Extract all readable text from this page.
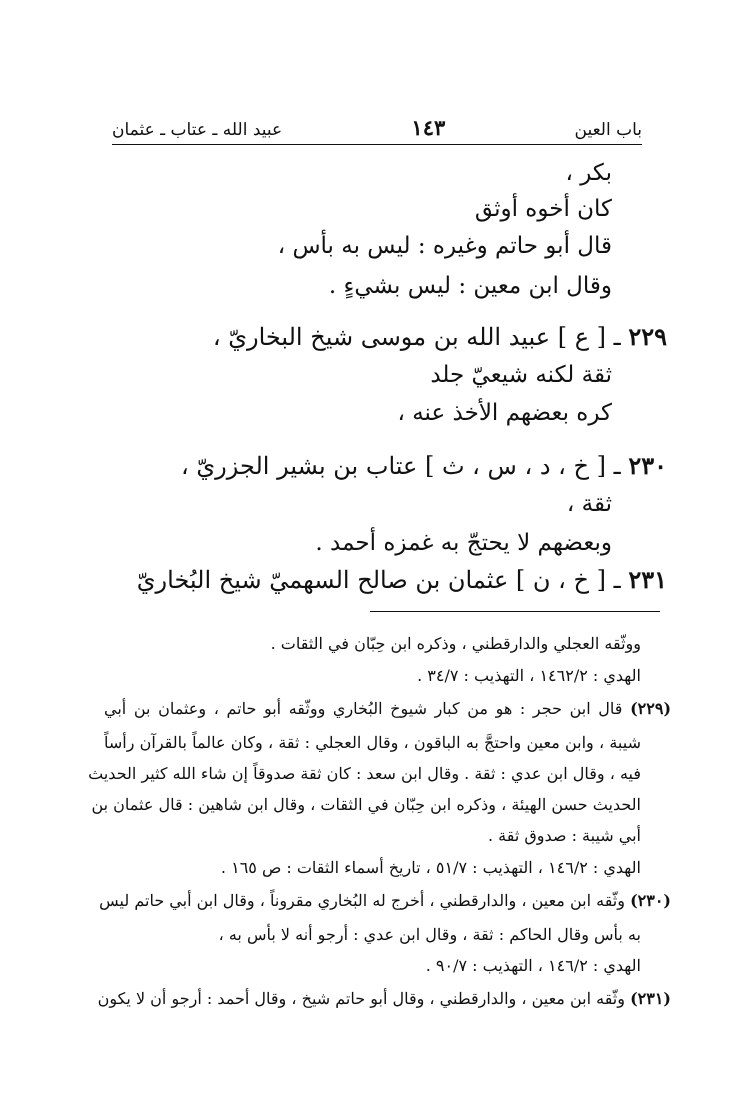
باب العين
١٤٣
عبيد الله ـ عتاب ـ عثمان
بكر ،
كان أخوه أوثق
قال أبو حاتم وغيره : ليس به بأس ،
وقال ابن معين : ليس بشيءٍ .
٢٢٩ ـ [ ع ] عبيد الله بن موسى شيخ البخاريّ ،
ثقة لكنه شيعيّ جلد
كره بعضهم الأخذ عنه ،
٢٣٠ ـ [ خ ، د ، س ، ث ] عتاب بن بشير الجزريّ ،
ثقة ،
وبعضهم لا يحتجّ به غمزه أحمد .
٢٣١ ـ [ خ ، ن ] عثمان بن صالح السهميّ شيخ البُخاريّ
ووثّقه العجلي والدارقطني ، وذكره ابن حِبّان في الثقات .
الهدي : ١٤٦٢/٢ ، التهذيب : ٣٤/٧ .
(٢٢٩) قال ابن حجر : هو من كبار شيوخ البُخاري ووثّقه أبو حاتم ، وعثمان بن أبي
شيبة ، وابن معين واحتجَّ به الباقون ، وقال العجلي : ثقة ، وكان عالماً بالقرآن رأساً
فيه ، وقال ابن عدي : ثقة . وقال ابن سعد : كان ثقة صدوقاً إن شاء الله كثير الحديث
الحديث حسن الهيئة ، وذكره ابن حِبّان في الثقات ، وقال ابن شاهين : قال عثمان بن
أبي شيبة : صدوق ثقة .
الهدي : ١٤٦/٢ ، التهذيب : ٥١/٧ ، تاريخ أسماء الثقات : ص ١٦٥ .
(٢٣٠) وثّقه ابن معين ، والدارقطني ، أخرج له البُخاري مقروناً ، وقال ابن أبي حاتم ليس
به بأس وقال الحاكم : ثقة ، وقال ابن عدي : أرجو أنه لا بأس به ،
الهدي : ١٤٦/٢ ، التهذيب : ٩٠/٧ .
(٢٣١) وثّقه ابن معين ، والدارقطني ، وقال أبو حاتم شيخ ، وقال أحمد : أرجو أن لا يكون
